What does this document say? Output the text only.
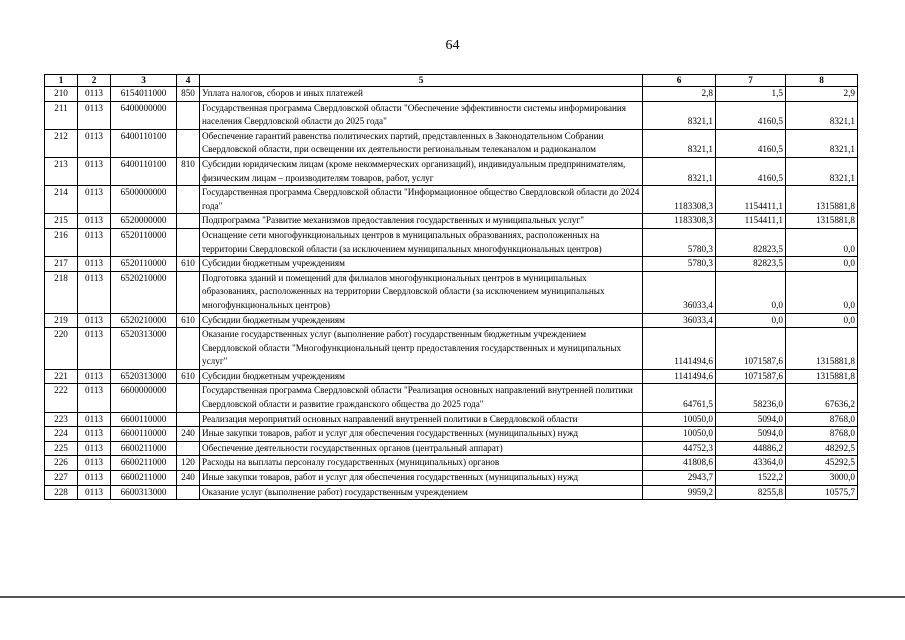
64
1	2	3	4	5	6	7	8
210	0113	6154011000	850	Уплата налогов, сборов и иных платежей	2,8	1,5	2,9
211	0113	6400000000		Государственная программа Свердловской области "Обеспечение эффективности системы информирования населения Свердловской области до 2025 года"	8321,1	4160,5	8321,1
212	0113	6400110100		Обеспечение гарантий равенства политических партий, представленных в Законодательном Собрании Свердловской области, при освещении их деятельности региональным телеканалом и радиоканалом	8321,1	4160,5	8321,1
213	0113	6400110100	810	Субсидии юридическим лицам (кроме некоммерческих организаций), индивидуальным предпринимателям, физическим лицам – производителям товаров, работ, услуг	8321,1	4160,5	8321,1
214	0113	6500000000		Государственная программа Свердловской области "Информационное общество Свердловской области до 2024 года"	1183308,3	1154411,1	1315881,8
215	0113	6520000000		Подпрограмма "Развитие механизмов предоставления государственных и муниципальных услуг"	1183308,3	1154411,1	1315881,8
216	0113	6520110000		Оснащение сети многофункциональных центров в муниципальных образованиях, расположенных на территории Свердловской области (за исключением муниципальных многофункциональных центров)	5780,3	82823,5	0,0
217	0113	6520110000	610	Субсидии бюджетным учреждениям	5780,3	82823,5	0,0
218	0113	6520210000		Подготовка зданий и помещений для филиалов многофункциональных центров в муниципальных образованиях, расположенных на территории Свердловской области (за исключением муниципальных многофункциональных центров)	36033,4	0,0	0,0
219	0113	6520210000	610	Субсидии бюджетным учреждениям	36033,4	0,0	0,0
220	0113	6520313000		Оказание государственных услуг (выполнение работ) государственным бюджетным учреждением Свердловской области "Многофункциональный центр предоставления государственных и муниципальных услуг"	1141494,6	1071587,6	1315881,8
221	0113	6520313000	610	Субсидии бюджетным учреждениям	1141494,6	1071587,6	1315881,8
222	0113	6600000000		Государственная программа Свердловской области "Реализация основных направлений внутренней политики Свердловской области и развитие гражданского общества до 2025 года"	64761,5	58236,0	67636,2
223	0113	6600110000		Реализация мероприятий основных направлений внутренней политики в Свердловской области	10050,0	5094,0	8768,0
224	0113	6600110000	240	Иные закупки товаров, работ и услуг для обеспечения государственных (муниципальных) нужд	10050,0	5094,0	8768,0
225	0113	6600211000		Обеспечение деятельности государственных органов (центральный аппарат)	44752,3	44886,2	48292,5
226	0113	6600211000	120	Расходы на выплаты персоналу государственных (муниципальных) органов	41808,6	43364,0	45292,5
227	0113	6600211000	240	Иные закупки товаров, работ и услуг для обеспечения государственных (муниципальных) нужд	2943,7	1522,2	3000,0
228	0113	6600313000		Оказание услуг (выполнение работ) государственным учреждением	9959,2	8255,8	10575,7
